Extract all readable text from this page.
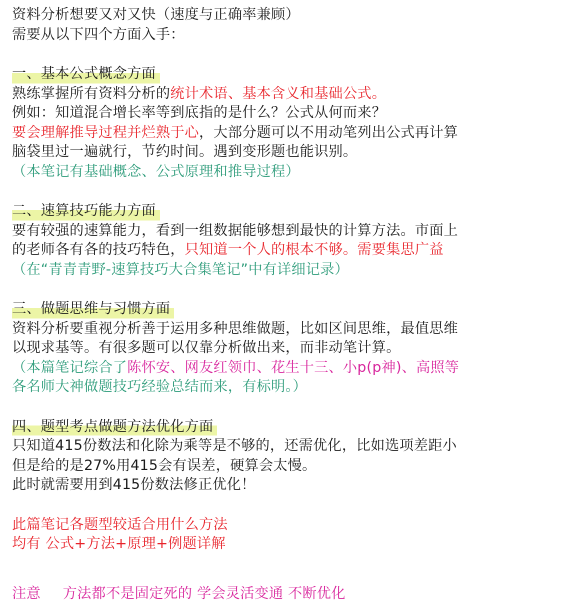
资料分析想要又对又快（速度与正确率兼顾）
需要从以下四个方面入手：
一、基本公式概念方面
熟练掌握所有资料分析的统计术语、基本含义和基础公式。
例如：知道混合增长率等到底指的是什么？公式从何而来？
要会理解推导过程并烂熟于心，大部分题可以不用动笔列出公式再计算
脑袋里过一遍就行，节约时间。遇到变形题也能识别。
（本笔记有基础概念、公式原理和推导过程）
二、速算技巧能力方面
要有较强的速算能力，看到一组数据能够想到最快的计算方法。市面上
的老师各有各的技巧特色，只知道一个人的根本不够。需要集思广益
（在“青青青野-速算技巧大合集笔记”中有详细记录）
三、做题思维与习惯方面
资料分析要重视分析善于运用多种思维做题，比如区间思维，最值思维
以现求基等。有很多题可以仅靠分析做出来，而非动笔计算。
（本篇笔记综合了陈怀安、网友红领巾、花生十三、小p(p神)、高照等
各名师大神做题技巧经验总结而来，有标明。）
四、题型考点做题方法优化方面
只知道415份数法和化除为乘等是不够的，还需优化，比如选项差距小
但是给的是27%用415会有误差，硬算会太慢。
此时就需要用到415份数法修正优化！
此篇笔记各题型较适合用什么方法
均有 公式+方法+原理+例题详解
注意 方法都不是固定死的 学会灵活变通 不断优化
